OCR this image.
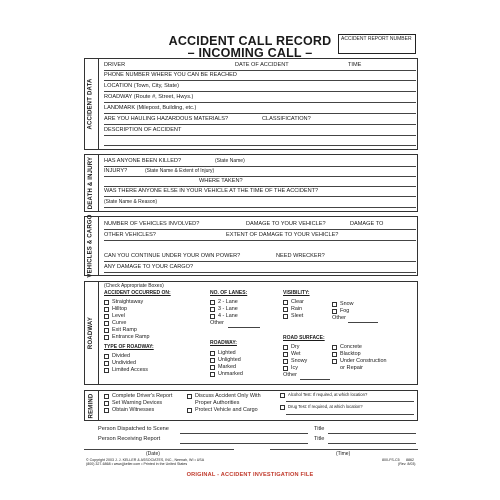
ACCIDENT CALL RECORD
– INCOMING CALL –
ACCIDENT REPORT NUMBER
ACCIDENT DATA
DRIVER	DATE OF ACCIDENT	TIME
PHONE NUMBER WHERE YOU CAN BE REACHED
LOCATION (Town, City, State)
ROADWAY (Route #, Street, Hwys.)
LANDMARK (Milepost, Building, etc.)
ARE YOU HAULING HAZARDOUS MATERIALS?	CLASSIFICATION?
DESCRIPTION OF ACCIDENT
DEATH & INJURY HAS ANYONE BEEN KILLED?	(State Name)
INJURY?	(State Name & Extent of Injury)
WHERE TAKEN?
WAS THERE ANYONE ELSE IN YOUR VEHICLE AT THE TIME OF THE ACCIDENT?
(State Name & Reason)
VEHICLES & CARGO NUMBER OF VEHICLES INVOLVED?	DAMAGE TO YOUR VEHICLE?	DAMAGE TO
OTHER VEHICLES?	EXTENT OF DAMAGE TO YOUR VEHICLE?
CAN YOU CONTINUE UNDER YOUR OWN POWER?	NEED WRECKER?
ANY DAMAGE TO YOUR CARGO?
ROADWAY
(Check Appropriate Boxes)
ACCIDENT OCCURRED ON:
Straightaway
Hilltop
Level
Curve
Exit Ramp
Entrance Ramp
TYPE OF ROADWAY:
Divided
Undivided
Limited Access
NO. OF LANES:
2 - Lane
3 - Lane
4 - Lane
Other
ROADWAY:
Lighted
Unlighted
Marked
Unmarked
VISIBILITY:
Clear
Rain
Sleet
Snow
Fog
Other
ROAD SURFACE:
Dry
Wet
Snowy
Icy
Other
Concrete
Blacktop
Under Construction
or Repair
REMIND	Complete Driver's Report
Set Warning Devices
Obtain Witnesses
Discuss Accident Only With
Proper Authorities
Protect Vehicle and Cargo
Alcohol Test: If required, at which location?
Drug Test: If required, at which location?
Person Dispatched to Scene	Title
Person Receiving Report	Title
(Date)	(Time)
© Copyright 2003 J. J. KELLER & ASSOCIATES, INC., Neenah, WI • USA
(800) 327-6868 • www.jjkeller.com • Printed in the United States
800-FS-C5 8862
(Rev. 8/03)
ORIGINAL - ACCIDENT INVESTIGATION FILE
